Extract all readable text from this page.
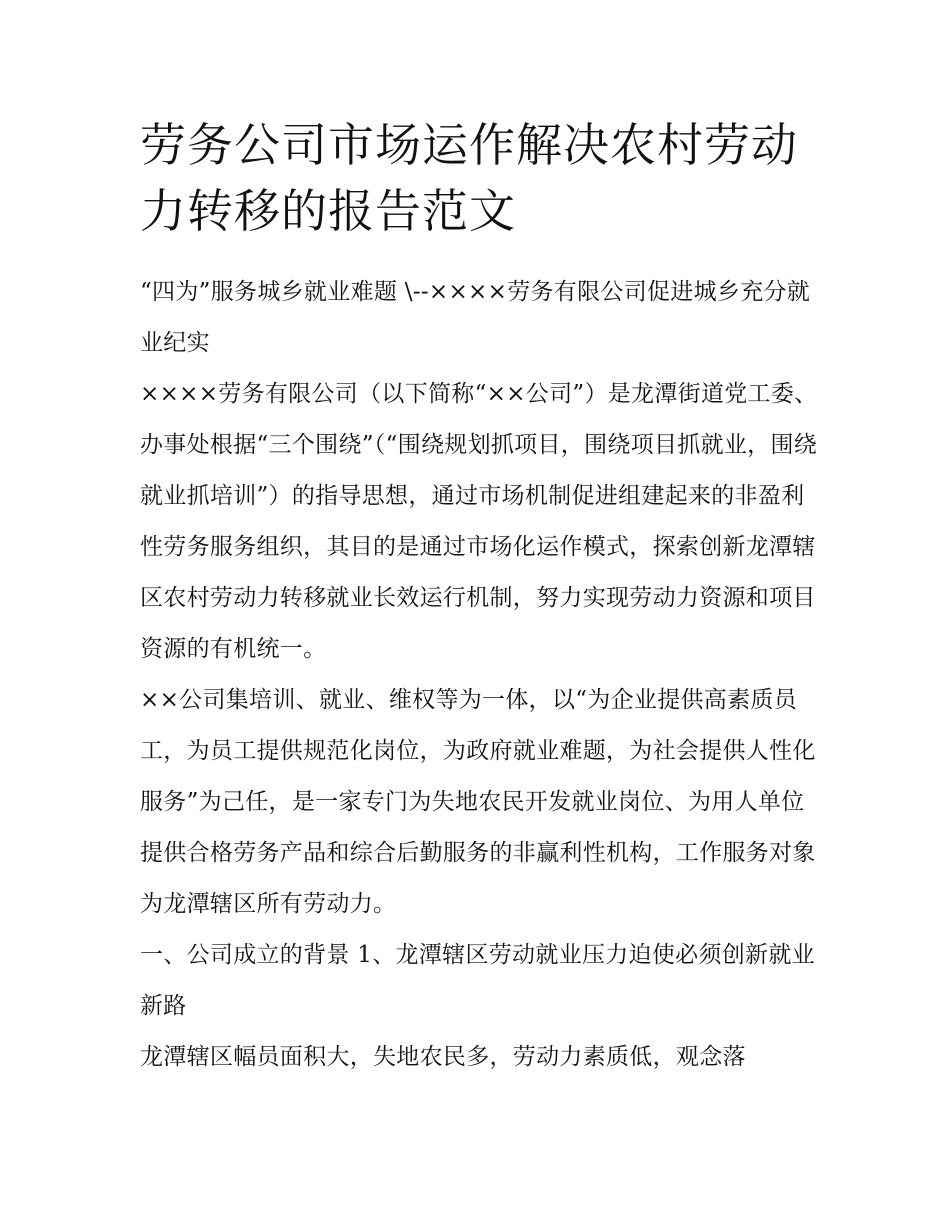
劳务公司市场运作解决农村劳动力转移的报告范文

“四为”服务城乡就业难题 \--××××劳务有限公司促进城乡充分就业纪实

××××劳务有限公司（以下简称“××公司”）是龙潭街道党工委、办事处根据“三个围绕”（“围绕规划抓项目，围绕项目抓就业，围绕就业抓培训”）的指导思想，通过市场机制促进组建起来的非盈利性劳务服务组织，其目的是通过市场化运作模式，探索创新龙潭辖区农村劳动力转移就业长效运行机制，努力实现劳动力资源和项目资源的有机统一。

××公司集培训、就业、维权等为一体，以“为企业提供高素质员工，为员工提供规范化岗位，为政府就业难题，为社会提供人性化服务”为己任，是一家专门为失地农民开发就业岗位、为用人单位提供合格劳务产品和综合后勤服务的非赢利性机构，工作服务对象为龙潭辖区所有劳动力。

一、公司成立的背景 1、龙潭辖区劳动就业压力迫使必须创新就业新路

龙潭辖区幅员面积大，失地农民多，劳动力素质低，观念落
